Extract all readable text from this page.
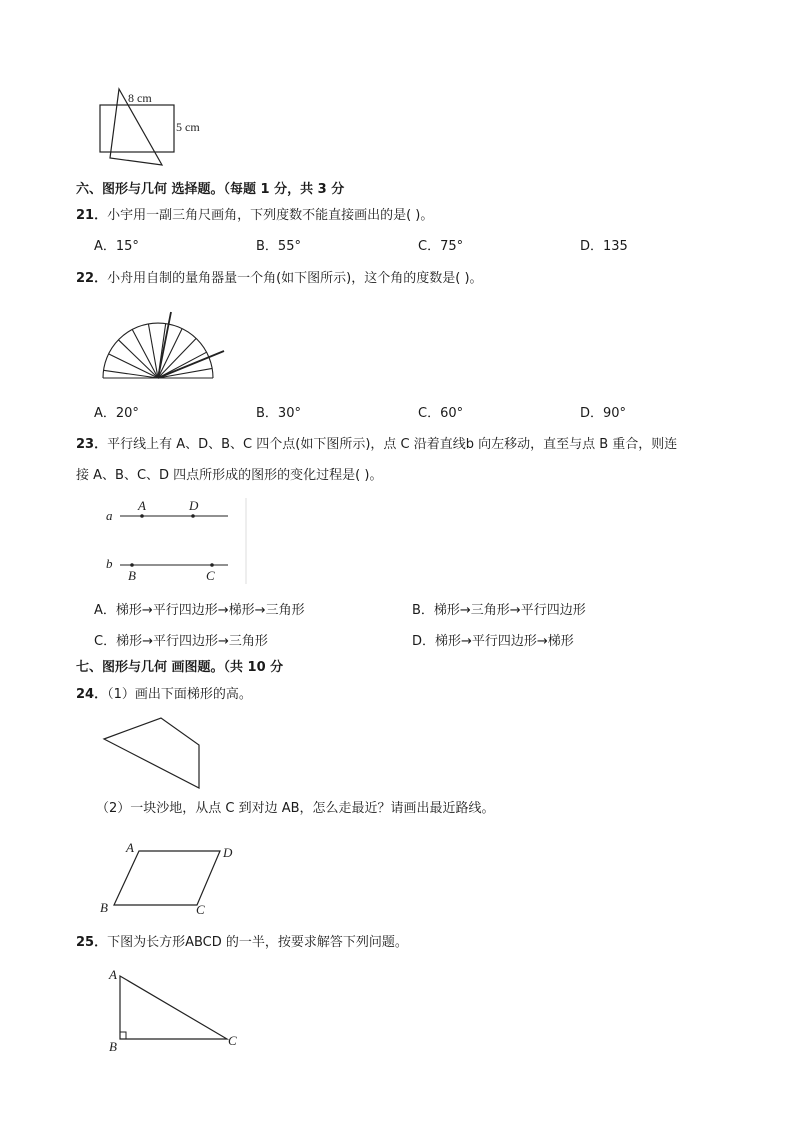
8 cm
5 cm
六、图形与几何 选择题。（每题 1 分，共 3 分
21．小宇用一副三角尺画角，下列度数不能直接画出的是( )。
A．15°	B．55°	C．75°	D．135
22．小舟用自制的量角器量一个角(如下图所示)，这个角的度数是( )。
A．20°	B．30°	C．60°	D．90°
23．平行线上有 A、D、B、C 四个点(如下图所示)，点 C 沿着直线b 向左移动，直至与点 B 重合，则连
接 A、B、C、D 四点所形成的图形的变化过程是( )。
a
b
A	D
B	C
A．梯形→平行四边形→梯形→三角形	B．梯形→三角形→平行四边形
C．梯形→平行四边形→三角形	D．梯形→平行四边形→梯形
七、图形与几何 画图题。（共 10 分
24．（1）画出下面梯形的高。
（2）一块沙地，从点 C 到对边 AB，怎么走最近？请画出最近路线。
A	D
B	C
25．下图为长方形ABCD 的一半，按要求解答下列问题。
A
B	C
